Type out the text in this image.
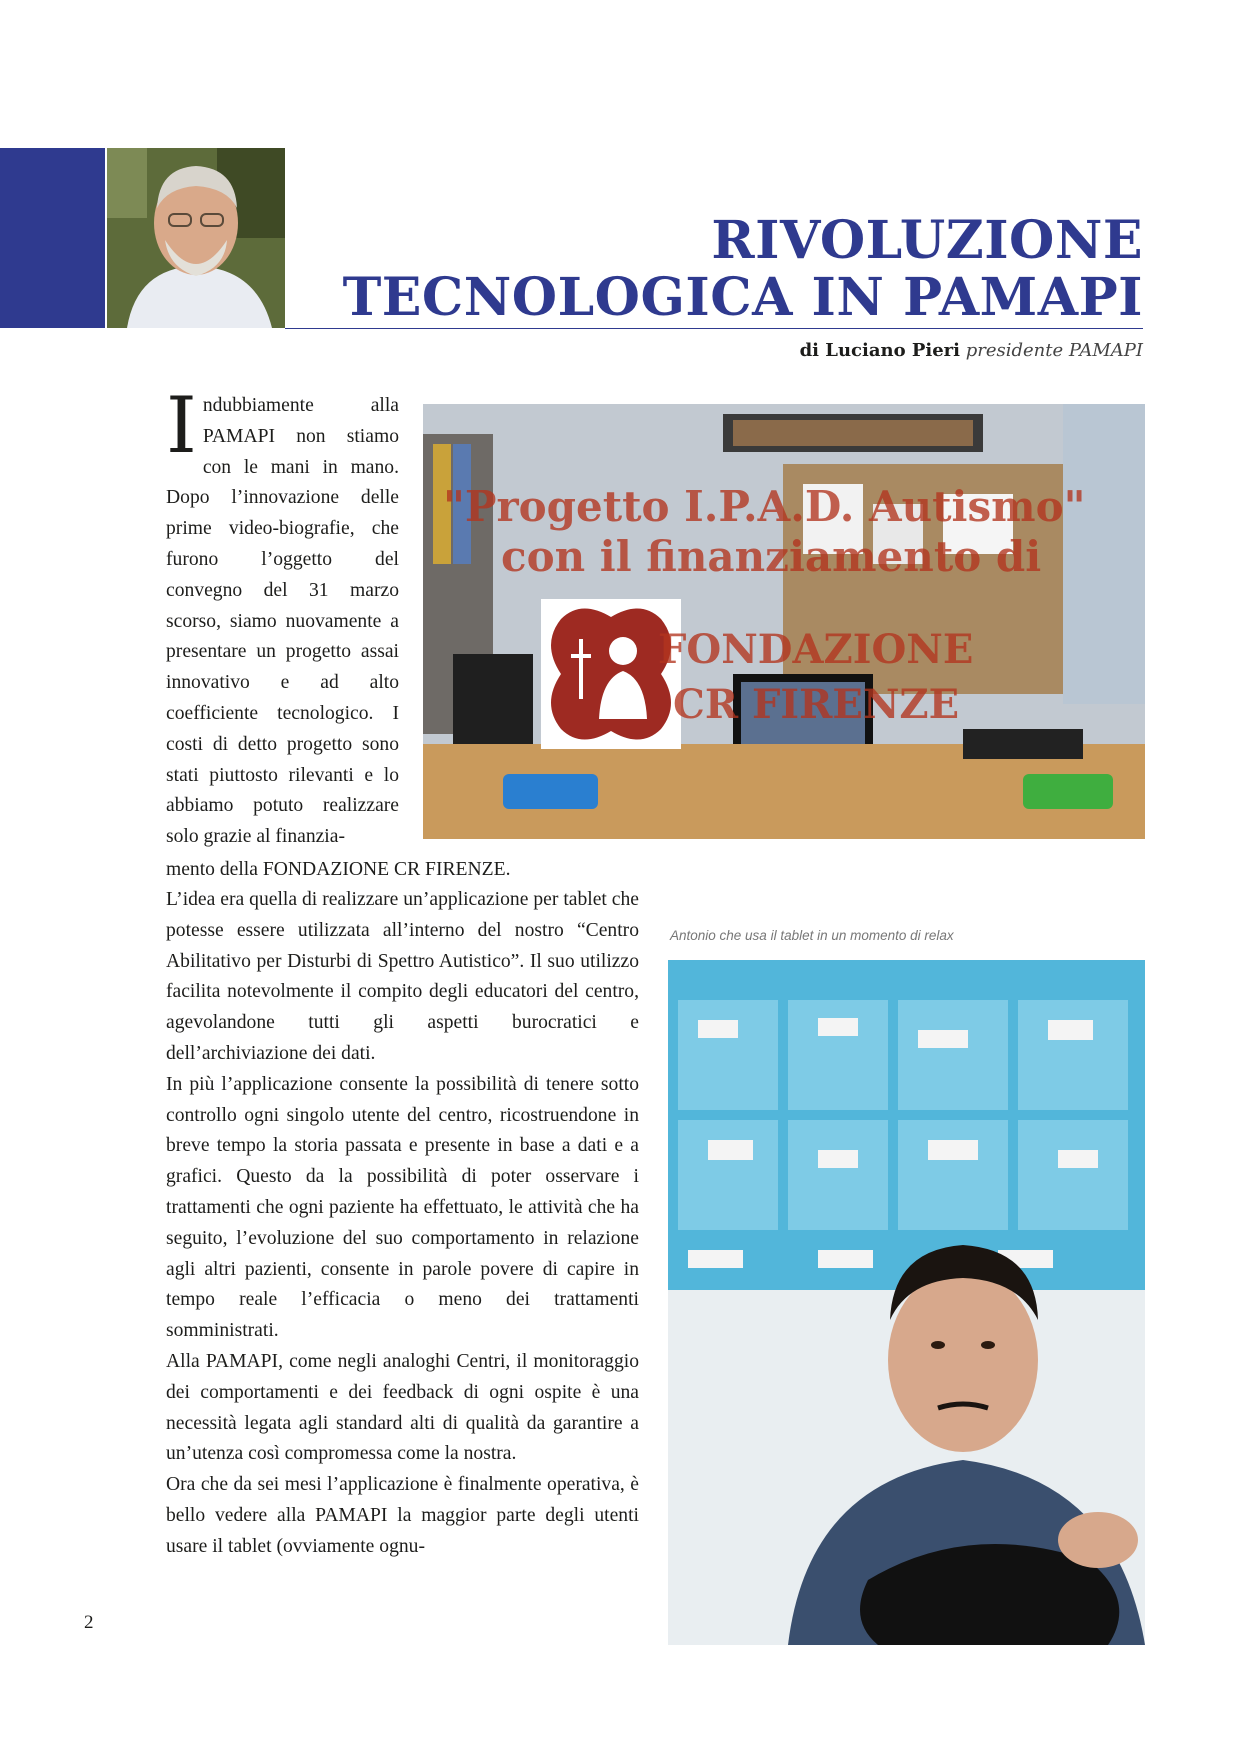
RIVOLUZIONE
TECNOLOGICA IN PAMAPI
di Luciano Pieri presidente PAMAPI
"Progetto I.P.A.D. Autismo"
con il finanziamento di
FONDAZIONE
CR FIRENZE
I ndubbiamente alla PAMAPI non stiamo con le mani in mano. Dopo l’innovazione delle prime video-biografie, che furono l’oggetto del convegno del 31 marzo scorso, siamo nuovamente a presentare un progetto assai innovativo e ad alto coefficiente tecnologico. I costi di detto progetto sono stati piuttosto rilevanti e lo abbiamo potuto realizzare solo grazie al finanzia-
mento della FONDAZIONE CR FIRENZE.

L’idea era quella di realizzare un’applicazione per tablet che potesse essere utilizzata all’interno del nostro “Centro Abilitativo per Disturbi di Spettro Autistico”. Il suo utilizzo facilita notevolmente il compito degli educatori del centro, agevolandone tutti gli aspetti burocratici e dell’archiviazione dei dati.

In più l’applicazione consente la possibilità di tenere sotto controllo ogni singolo utente del centro, ricostruendone in breve tempo la storia passata e presente in base a dati e a grafici. Questo da la possibilità di poter osservare i trattamenti che ogni paziente ha effettuato, le attività che ha seguito, l’evoluzione del suo comportamento in relazione agli altri pazienti, consente in parole povere di capire in tempo reale l’efficacia o meno dei trattamenti somministrati.

Alla PAMAPI, come negli analoghi Centri, il monitoraggio dei comportamenti e dei feedback di ogni ospite è una necessità legata agli standard alti di qualità da garantire a un’utenza così compromessa come la nostra.

Ora che da sei mesi l’applicazione è finalmente operativa, è bello vedere alla PAMAPI la maggior parte degli utenti usare il tablet (ovviamente ognu-

Antonio che usa il tablet in un momento di relax
2
